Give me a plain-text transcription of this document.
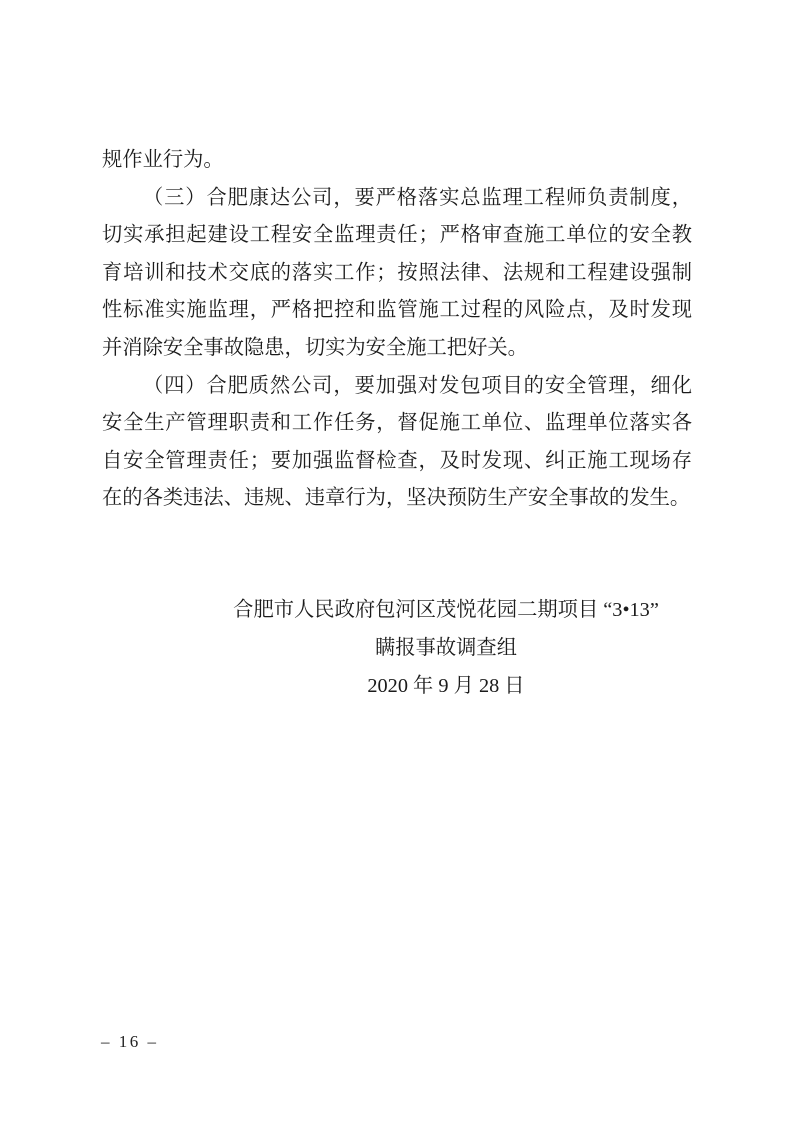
规作业行为。
（三）合肥康达公司，要严格落实总监理工程师负责制度，
切实承担起建设工程安全监理责任；严格审查施工单位的安全教
育培训和技术交底的落实工作；按照法律、法规和工程建设强制
性标准实施监理，严格把控和监管施工过程的风险点，及时发现
并消除安全事故隐患，切实为安全施工把好关。
（四）合肥质然公司，要加强对发包项目的安全管理，细化
安全生产管理职责和工作任务，督促施工单位、监理单位落实各
自安全管理责任；要加强监督检查，及时发现、纠正施工现场存
在的各类违法、违规、违章行为，坚决预防生产安全事故的发生。
合肥市人民政府包河区茂悦花园二期项目 “3•13”
瞒报事故调查组
2020 年 9 月 28 日
– 16 –
